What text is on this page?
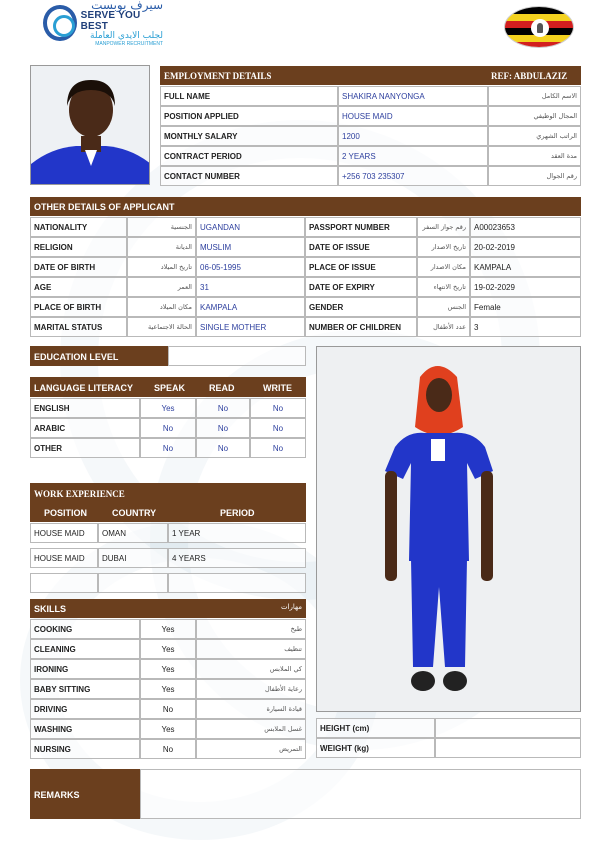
سيرف يوبست
SERVE YOU BEST
لجلب الايدي العاملة
MANPOWER RECRUITMENT
EMPLOYMENT DETAILS	REF: ABDULAZIZ
FULL NAME	SHAKIRA NANYONGA	الاسم الكامل
POSITION APPLIED	HOUSE MAID	المجال الوظيفي
MONTHLY SALARY	1200	الراتب الشهري
CONTRACT PERIOD	2 YEARS	مدة العقد
CONTACT NUMBER	+256 703 235307	رقم الجوال
OTHER DETAILS OF APPLICANT
NATIONALITY	الجنسية	UGANDAN	PASSPORT NUMBER	رقم جواز السفر	A00023653
RELIGION	الديانة	MUSLIM	DATE OF ISSUE	تاريخ الاصدار	20-02-2019
DATE OF BIRTH	تاريخ الميلاد	06-05-1995	PLACE OF ISSUE	مكان الاصدار	KAMPALA
AGE	العمر	31	DATE OF EXPIRY	تاريخ الانتهاء	19-02-2029
PLACE OF BIRTH	مكان الميلاد	KAMPALA	GENDER	الجنس	Female
MARITAL STATUS	الحالة الاجتماعية	SINGLE MOTHER	NUMBER OF CHILDREN	عدد الأطفال	3
EDUCATION LEVEL
LANGUAGE LITERACY SPEAK	READ	WRITE
ENGLISH	Yes	No	No
ARABIC	No	No	No
OTHER	No	No	No
WORK EXPERIENCE
POSITION	COUNTRY	PERIOD
HOUSE MAID	OMAN	1 YEAR
HOUSE MAID	DUBAI	4 YEARS
SKILLS	مهارات
COOKING	Yes	طبخ
CLEANING	Yes	تنظيف
IRONING	Yes	كي الملابس
BABY SITTING	Yes	رعاية الأطفال
DRIVING	No	قيادة السيارة
WASHING	Yes	غسل الملابس
NURSING	No	التمريض
HEIGHT (cm)
WEIGHT (kg)
REMARKS
